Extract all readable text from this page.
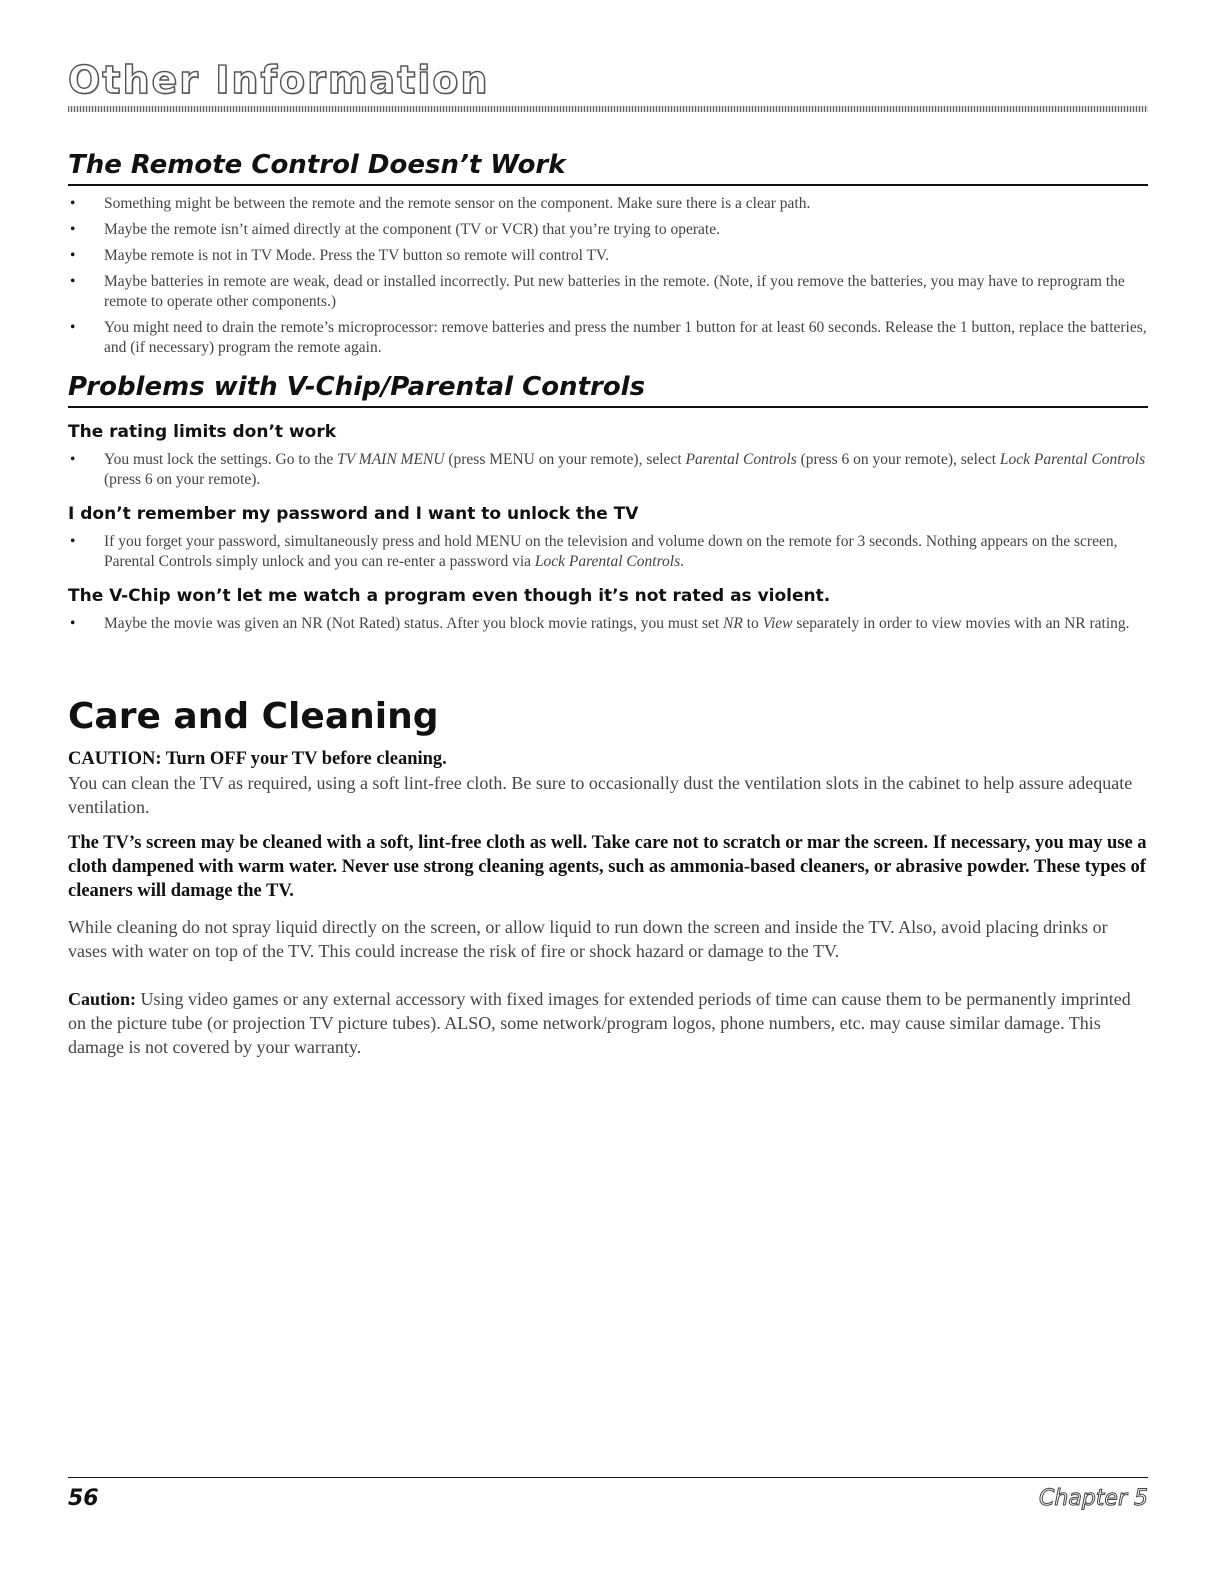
Other Information
The Remote Control Doesn’t Work
• Something might be between the remote and the remote sensor on the component. Make sure there is a clear path.
• Maybe the remote isn’t aimed directly at the component (TV or VCR) that you’re trying to operate.
• Maybe remote is not in TV Mode. Press the TV button so remote will control TV.
• Maybe batteries in remote are weak, dead or installed incorrectly. Put new batteries in the remote. (Note, if you remove the batteries, you may have to reprogram the remote to operate other components.)
• You might need to drain the remote’s microprocessor: remove batteries and press the number 1 button for at least 60 seconds. Release the 1 button, replace the batteries, and (if necessary) program the remote again.
Problems with V-Chip/Parental Controls
The rating limits don’t work
• You must lock the settings. Go to the TV MAIN MENU (press MENU on your remote), select Parental Controls (press 6 on your remote), select Lock Parental Controls (press 6 on your remote).
I don’t remember my password and I want to unlock the TV
• If you forget your password, simultaneously press and hold MENU on the television and volume down on the remote for 3 seconds. Nothing appears on the screen, Parental Controls simply unlock and you can re-enter a password via Lock Parental Controls.
The V-Chip won’t let me watch a program even though it’s not rated as violent.
• Maybe the movie was given an NR (Not Rated) status. After you block movie ratings, you must set NR to View separately in order to view movies with an NR rating.
Care and Cleaning
CAUTION: Turn OFF your TV before cleaning.

You can clean the TV as required, using a soft lint-free cloth. Be sure to occasionally dust the ventilation slots in the cabinet to help assure adequate ventilation.

The TV’s screen may be cleaned with a soft, lint-free cloth as well. Take care not to scratch or mar the screen. If necessary, you may use a cloth dampened with warm water. Never use strong cleaning agents, such as ammonia-based cleaners, or abrasive powder. These types of cleaners will damage the TV.

While cleaning do not spray liquid directly on the screen, or allow liquid to run down the screen and inside the TV. Also, avoid placing drinks or vases with water on top of the TV. This could increase the risk of fire or shock hazard or damage to the TV.

Caution: Using video games or any external accessory with fixed images for extended periods of time can cause them to be permanently imprinted on the picture tube (or projection TV picture tubes). ALSO, some network/program logos, phone numbers, etc. may cause similar damage. This damage is not covered by your warranty.

56	Chapter 5
